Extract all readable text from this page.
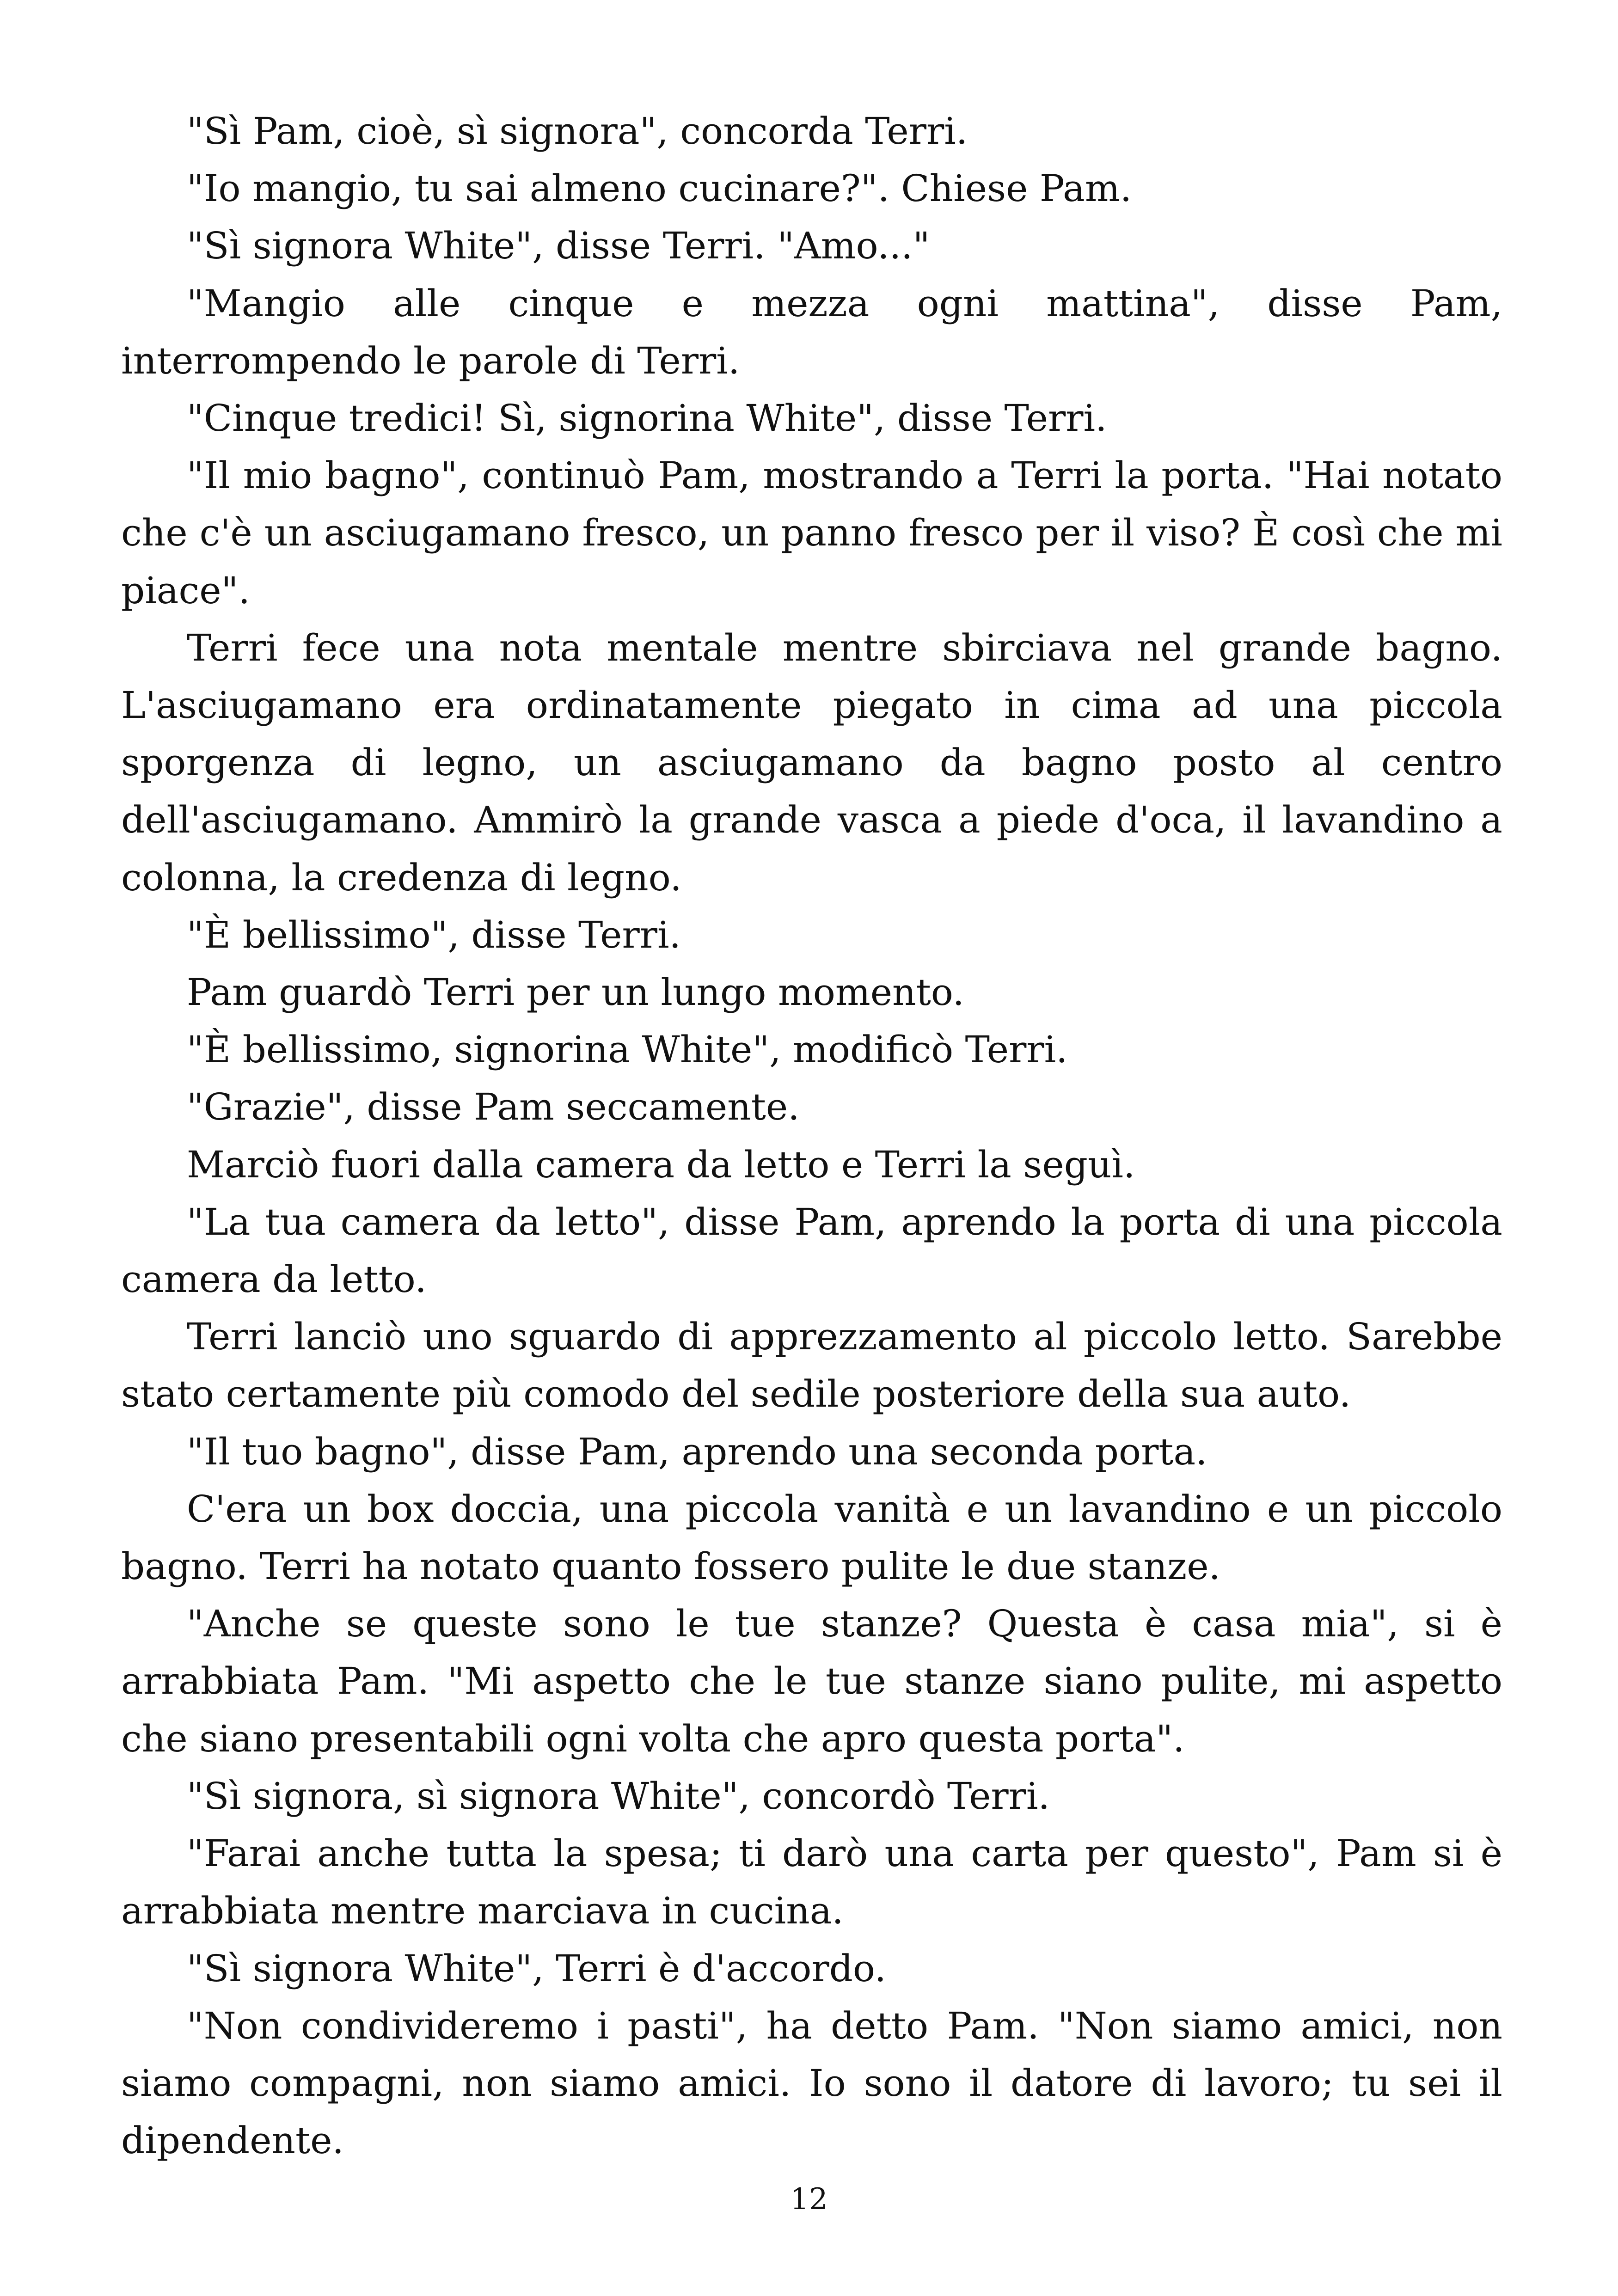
"Sì Pam, cioè, sì signora", concorda Terri.

"Io mangio, tu sai almeno cucinare?". Chiese Pam.

"Sì signora White", disse Terri. "Amo..."

"Mangio alle cinque e mezza ogni mattina", disse Pam, interrompendo le parole di Terri.

"Cinque tredici! Sì, signorina White", disse Terri.

"Il mio bagno", continuò Pam, mostrando a Terri la porta. "Hai notato che c'è un asciugamano fresco, un panno fresco per il viso? È così che mi piace".

Terri fece una nota mentale mentre sbirciava nel grande bagno. L'asciugamano era ordinatamente piegato in cima ad una piccola sporgenza di legno, un asciugamano da bagno posto al centro dell'asciugamano. Ammirò la grande vasca a piede d'oca, il lavandino a colonna, la credenza di legno.

"È bellissimo", disse Terri.

Pam guardò Terri per un lungo momento.

"È bellissimo, signorina White", modificò Terri.

"Grazie", disse Pam seccamente.

Marciò fuori dalla camera da letto e Terri la seguì.

"La tua camera da letto", disse Pam, aprendo la porta di una piccola camera da letto.

Terri lanciò uno sguardo di apprezzamento al piccolo letto. Sarebbe stato certamente più comodo del sedile posteriore della sua auto.

"Il tuo bagno", disse Pam, aprendo una seconda porta.

C'era un box doccia, una piccola vanità e un lavandino e un piccolo bagno. Terri ha notato quanto fossero pulite le due stanze.

"Anche se queste sono le tue stanze? Questa è casa mia", si è arrabbiata Pam. "Mi aspetto che le tue stanze siano pulite, mi aspetto che siano presentabili ogni volta che apro questa porta".

"Sì signora, sì signora White", concordò Terri.

"Farai anche tutta la spesa; ti darò una carta per questo", Pam si è arrabbiata mentre marciava in cucina.

"Sì signora White", Terri è d'accordo.

"Non condivideremo i pasti", ha detto Pam. "Non siamo amici, non siamo compagni, non siamo amici. Io sono il datore di lavoro; tu sei il dipendente.

12
